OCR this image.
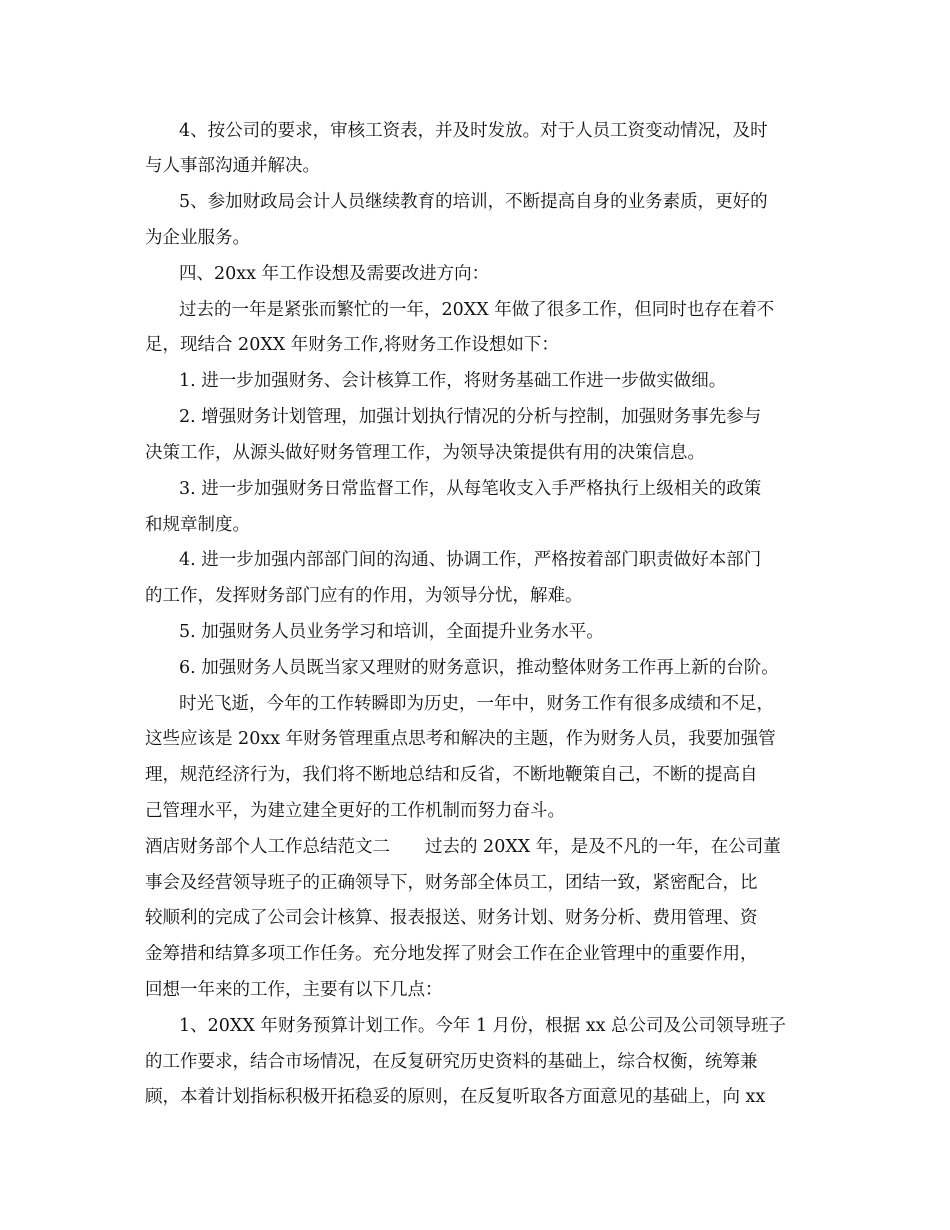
4、按公司的要求，审核工资表，并及时发放。对于人员工资变动情况，及时
与人事部沟通并解决。
5、参加财政局会计人员继续教育的培训，不断提高自身的业务素质，更好的
为企业服务。
四、20xx 年工作设想及需要改进方向：
过去的一年是紧张而繁忙的一年，20XX 年做了很多工作，但同时也存在着不
足，现结合 20XX 年财务工作,将财务工作设想如下：
1. 进一步加强财务、会计核算工作，将财务基础工作进一步做实做细。
2. 增强财务计划管理，加强计划执行情况的分析与控制，加强财务事先参与
决策工作，从源头做好财务管理工作，为领导决策提供有用的决策信息。
3. 进一步加强财务日常监督工作，从每笔收支入手严格执行上级相关的政策
和规章制度。
4. 进一步加强内部部门间的沟通、协调工作，严格按着部门职责做好本部门
的工作，发挥财务部门应有的作用，为领导分忧，解难。
5. 加强财务人员业务学习和培训，全面提升业务水平。
6. 加强财务人员既当家又理财的财务意识，推动整体财务工作再上新的台阶。
时光飞逝，今年的工作转瞬即为历史，一年中，财务工作有很多成绩和不足，
这些应该是 20xx 年财务管理重点思考和解决的主题，作为财务人员，我要加强管
理，规范经济行为，我们将不断地总结和反省，不断地鞭策自己，不断的提高自
己管理水平，为建立建全更好的工作机制而努力奋斗。
酒店财务部个人工作总结范文二　　过去的 20XX 年，是及不凡的一年，在公司董
事会及经营领导班子的正确领导下，财务部全体员工，团结一致，紧密配合，比
较顺利的完成了公司会计核算、报表报送、财务计划、财务分析、费用管理、资
金筹措和结算多项工作任务。充分地发挥了财会工作在企业管理中的重要作用，
回想一年来的工作，主要有以下几点：
1、20XX 年财务预算计划工作。今年 1 月份，根据 xx 总公司及公司领导班子
的工作要求，结合市场情况，在反复研究历史资料的基础上，综合权衡，统筹兼
顾，本着计划指标积极开拓稳妥的原则，在反复听取各方面意见的基础上，向 xx
